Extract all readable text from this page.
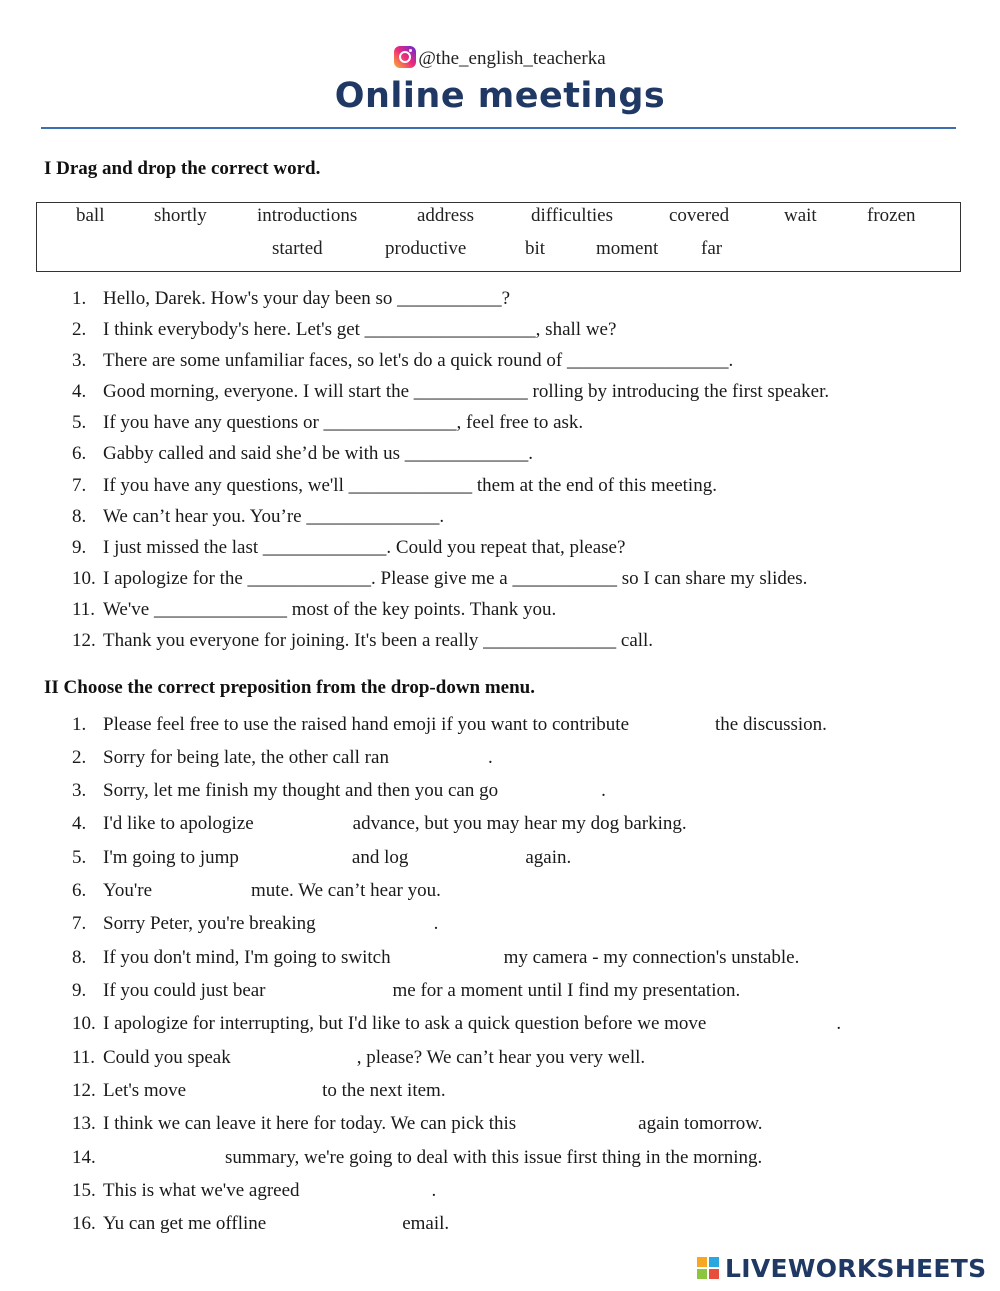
@the_english_teacherka
Online meetings
I Drag and drop the correct word.
ball	shortly	introductions	address	difficulties	covered	wait	frozen
started	productive	bit	moment far
1. Hello, Darek. How's your day been so ___________?
2. I think everybody's here. Let's get __________________, shall we?
3. There are some unfamiliar faces, so let's do a quick round of _________________.
4. Good morning, everyone. I will start the ____________ rolling by introducing the first speaker.
5. If you have any questions or ______________, feel free to ask.
6. Gabby called and said she’d be with us _____________.
7. If you have any questions, we'll _____________ them at the end of this meeting.
8. We can’t hear you. You’re ______________.
9. I just missed the last _____________. Could you repeat that, please?
10. I apologize for the _____________. Please give me a ___________ so I can share my slides.
11. We've ______________ most of the key points. Thank you.
12. Thank you everyone for joining. It's been a really ______________ call.
II Choose the correct preposition from the drop-down menu.
1. Please feel free to use the raised hand emoji if you want to contribute	the discussion.
2. Sorry for being late, the other call ran	.
3. Sorry, let me finish my thought and then you can go	.
4. I'd like to apologize	advance, but you may hear my dog barking.
5. I'm going to jump	and log	again.
6. You're	mute. We can’t hear you.
7. Sorry Peter, you're breaking	.
8. If you don't mind, I'm going to switch	my camera - my connection's unstable.
9. If you could just bear	me for a moment until I find my presentation.
10. I apologize for interrupting, but I'd like to ask a quick question before we move	.
11. Could you speak	, please? We can’t hear you very well.
12. Let's move	to the next item.
13. I think we can leave it here for today. We can pick this	again tomorrow.
14.	summary, we're going to deal with this issue first thing in the morning.
15. This is what we've agreed	.
16. Yu can get me offline	email.
LIVEWORKSHEETS
